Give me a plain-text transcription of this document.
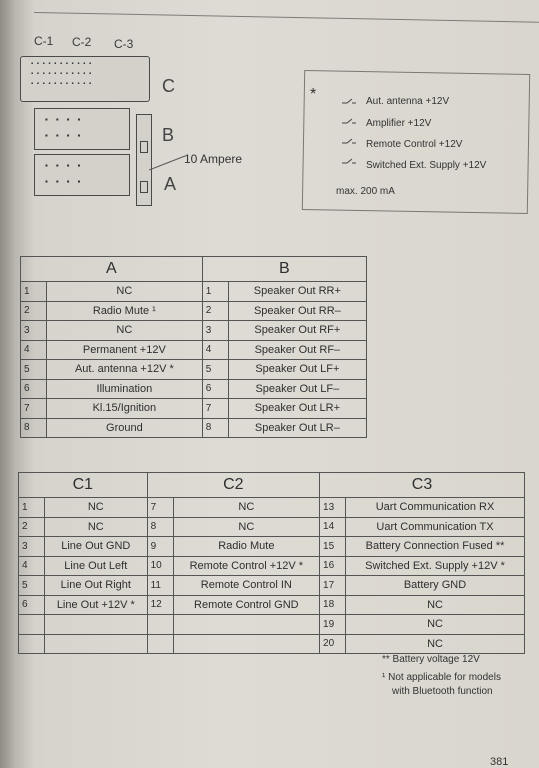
C-1 C-2 C-3
▪ ▪ ▪ ▪ ▪ ▪ ▪ ▪ ▪ ▪ ▪
▪ ▪ ▪ ▪ ▪ ▪ ▪ ▪ ▪ ▪ ▪
▪ ▪ ▪ ▪ ▪ ▪ ▪ ▪ ▪ ▪ ▪	C
▪▪▪▪
▪▪▪▪	B
▪▪▪▪
▪▪▪▪	A
10 Ampere
*	Aut. antenna +12V
Amplifier +12V
Remote Control +12V
Switched Ext. Supply +12V
max. 200 mA
A		B	
1	NC	1	Speaker Out RR+
2	Radio Mute ¹	2	Speaker Out RR–
3	NC	3	Speaker Out RF+
4	Permanent +12V	4	Speaker Out RF–
5	Aut. antenna +12V *	5	Speaker Out LF+
6	Illumination	6	Speaker Out LF–
7	Kl.15/Ignition	7	Speaker Out LR+
8	Ground	8	Speaker Out LR–
C1		C2		C3	
1	NC	7	NC	13	Uart Communication RX
2	NC	8	NC	14	Uart Communication TX
3	Line Out GND	9	Radio Mute	15	Battery Connection Fused **
4	Line Out Left	10	Remote Control +12V *	16	Switched Ext. Supply +12V *
5	Line Out Right	11	Remote Control IN	17	Battery GND
6	Line Out +12V *	12	Remote Control GND	18	NC
				19	NC
				20	NC
** Battery voltage 12V
¹ Not applicable for models
with Bluetooth function
381
